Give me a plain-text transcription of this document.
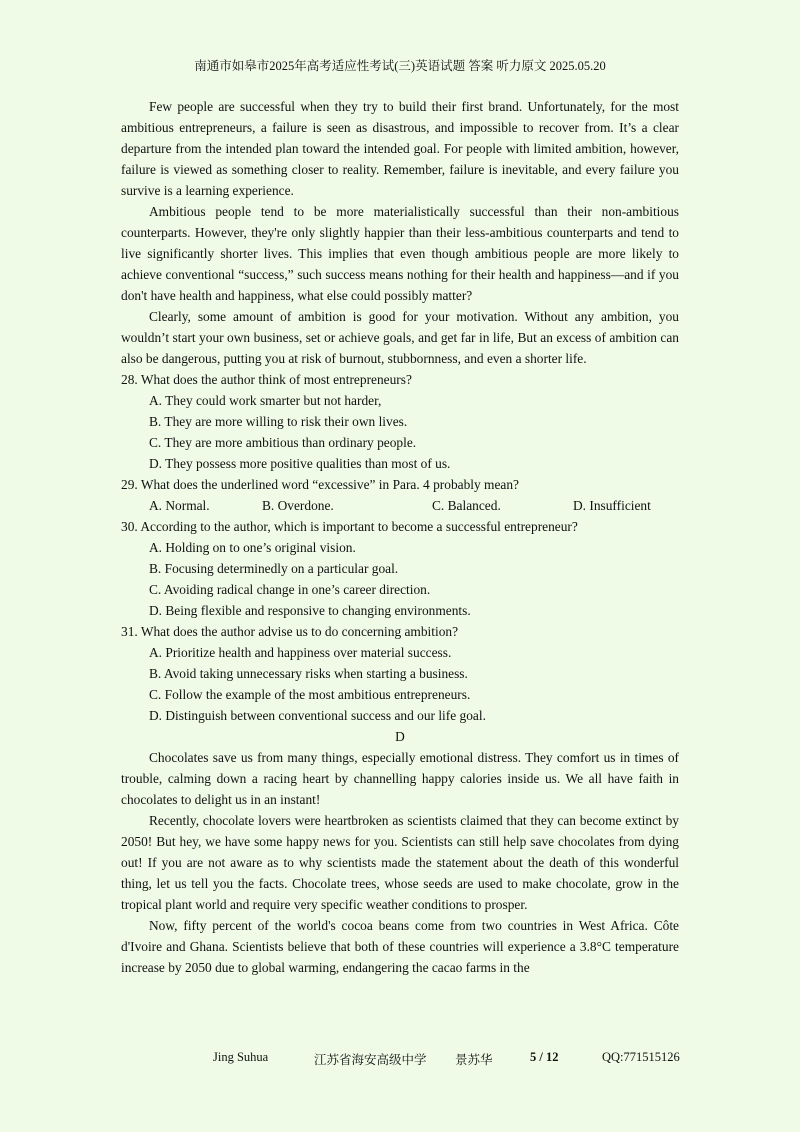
南通市如皋市2025年高考适应性考试(三)英语试题 答案 听力原文 2025.05.20

Few people are successful when they try to build their first brand. Unfortunately, for the most ambitious entrepreneurs, a failure is seen as disastrous, and impossible to recover from. It’s a clear departure from the intended plan toward the intended goal. For people with limited ambition, however, failure is viewed as something closer to reality. Remember, failure is inevitable, and every failure you survive is a learning experience.

Ambitious people tend to be more materialistically successful than their non-ambitious counterparts. However, they're only slightly happier than their less-ambitious counterparts and tend to live significantly shorter lives. This implies that even though ambitious people are more likely to achieve conventional “success,” such success means nothing for their health and happiness—and if you don't have health and happiness, what else could possibly matter?

Clearly, some amount of ambition is good for your motivation. Without any ambition, you wouldn’t start your own business, set or achieve goals, and get far in life, But an excess of ambition can also be dangerous, putting you at risk of burnout, stubbornness, and even a shorter life.

28. What does the author think of most entrepreneurs?

A. They could work smarter but not harder,

B. They are more willing to risk their own lives.

C. They are more ambitious than ordinary people.

D. They possess more positive qualities than most of us.

29. What does the underlined word “excessive” in Para. 4 probably mean?

A. Normal.	B. Overdone.	C. Balanced.	D. Insufficient

30. According to the author, which is important to become a successful entrepreneur?

A. Holding on to one’s original vision.

B. Focusing determinedly on a particular goal.

C. Avoiding radical change in one’s career direction.

D. Being flexible and responsive to changing environments.

31. What does the author advise us to do concerning ambition?

A. Prioritize health and happiness over material success.

B. Avoid taking unnecessary risks when starting a business.

C. Follow the example of the most ambitious entrepreneurs.

D. Distinguish between conventional success and our life goal.

D

Chocolates save us from many things, especially emotional distress. They comfort us in times of trouble, calming down a racing heart by channelling happy calories inside us. We all have faith in chocolates to delight us in an instant!

Recently, chocolate lovers were heartbroken as scientists claimed that they can become extinct by 2050! But hey, we have some happy news for you. Scientists can still help save chocolates from dying out! If you are not aware as to why scientists made the statement about the death of this wonderful thing, let us tell you the facts. Chocolate trees, whose seeds are used to make chocolate, grow in the tropical plant world and require very specific weather conditions to prosper.

Now, fifty percent of the world's cocoa beans come from two countries in West Africa. Côte d'Ivoire and Ghana. Scientists believe that both of these countries will experience a 3.8°C temperature increase by 2050 due to global warming, endangering the cacao farms in the

Jing Suhua	江苏省海安高级中学 景苏华	5 / 12	QQ:771515126
